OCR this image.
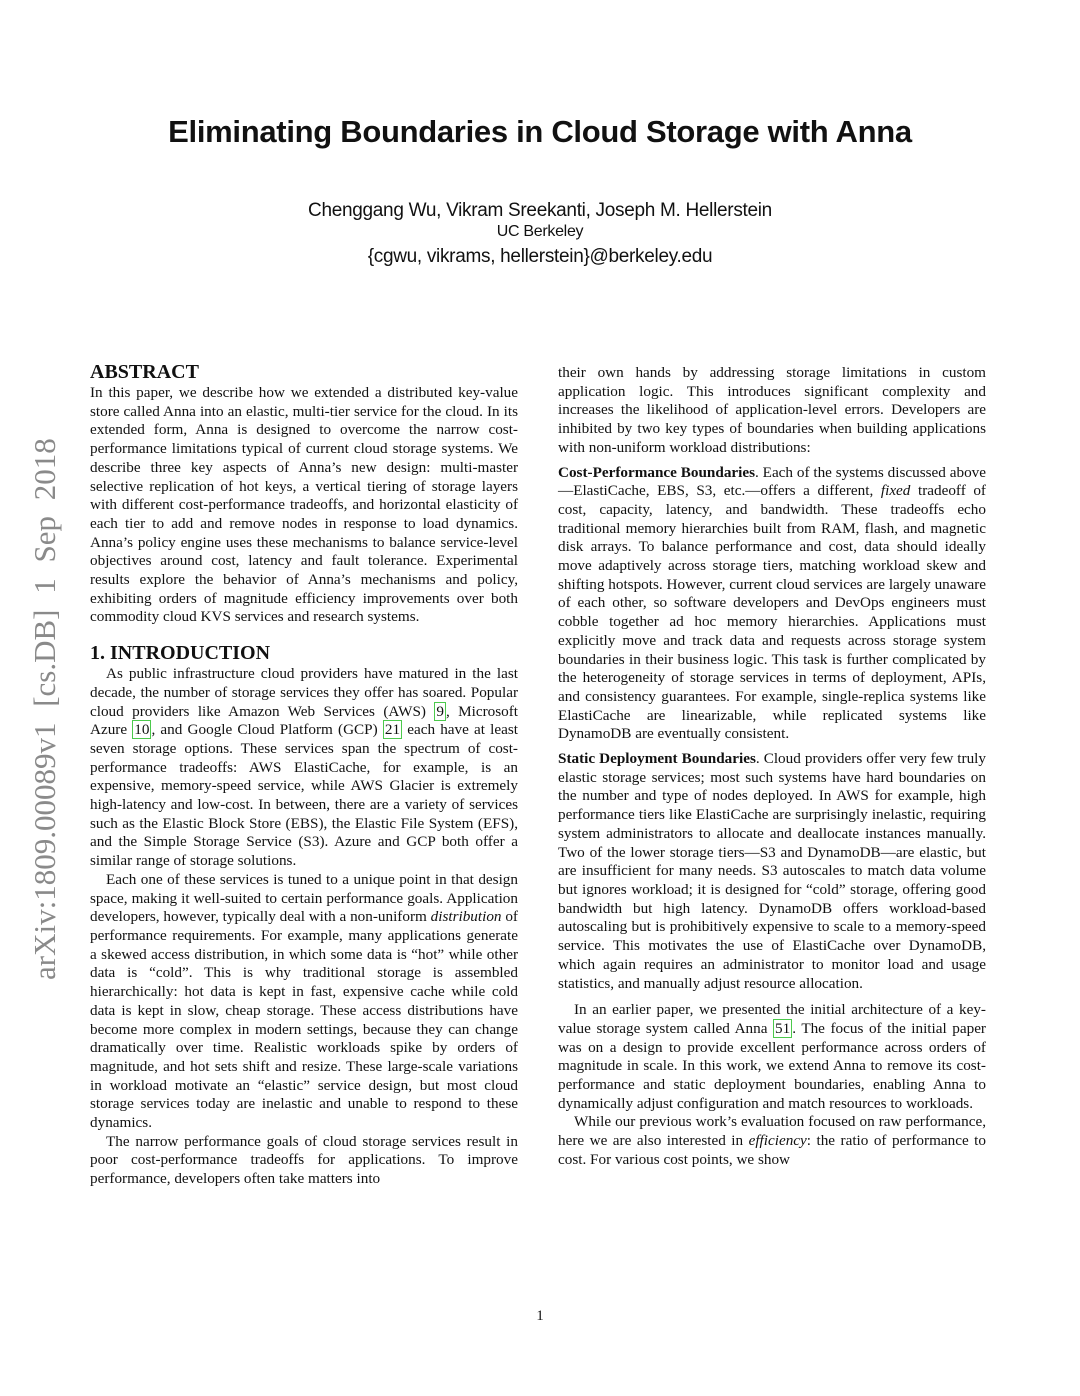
Eliminating Boundaries in Cloud Storage with Anna
Chenggang Wu, Vikram Sreekanti, Joseph M. Hellerstein
UC Berkeley
{cgwu, vikrams, hellerstein}@berkeley.edu
arXiv:1809.00089v1 [cs.DB] 1 Sep 2018
ABSTRACT

In this paper, we describe how we extended a distributed key-value store called Anna into an elastic, multi-tier service for the cloud. In its extended form, Anna is designed to overcome the narrow cost-performance limitations typical of current cloud storage systems. We describe three key aspects of Anna’s new design: multi-master selective replication of hot keys, a vertical tiering of storage layers with different cost-performance tradeoffs, and horizontal elasticity of each tier to add and remove nodes in response to load dynamics. Anna’s policy engine uses these mechanisms to balance service-level objectives around cost, latency and fault tolerance. Experimental results explore the behavior of Anna’s mechanisms and policy, exhibiting orders of magnitude efficiency improvements over both commodity cloud KVS services and research systems.

1. INTRODUCTION

As public infrastructure cloud providers have matured in the last decade, the number of storage services they offer has soared. Popular cloud providers like Amazon Web Services (AWS) 9 , Microsoft Azure 10 , and Google Cloud Platform (GCP) 21 each have at least seven storage options. These services span the spectrum of cost-performance tradeoffs: AWS ElastiCache, for example, is an expensive, memory-speed service, while AWS Glacier is extremely high-latency and low-cost. In between, there are a variety of services such as the Elastic Block Store (EBS), the Elastic File System (EFS), and the Simple Storage Service (S3). Azure and GCP both offer a similar range of storage solutions.

Each one of these services is tuned to a unique point in that design space, making it well-suited to certain performance goals. Application developers, however, typically deal with a non-uniform distribution of performance requirements. For example, many applications generate a skewed access distribution, in which some data is “hot” while other data is “cold”. This is why traditional storage is assembled hierarchically: hot data is kept in fast, expensive cache while cold data is kept in slow, cheap storage. These access distributions have become more complex in modern settings, because they can change dramatically over time. Realistic workloads spike by orders of magnitude, and hot sets shift and resize. These large-scale variations in workload motivate an “elastic” service design, but most cloud storage services today are inelastic and unable to respond to these dynamics.

The narrow performance goals of cloud storage services result in poor cost-performance tradeoffs for applications. To improve performance, developers often take matters into

their own hands by addressing storage limitations in custom application logic. This introduces significant complexity and increases the likelihood of application-level errors. Developers are inhibited by two key types of boundaries when building applications with non-uniform workload distributions:

Cost-Performance Boundaries. Each of the systems discussed above—ElastiCache, EBS, S3, etc.—offers a different, fixed tradeoff of cost, capacity, latency, and bandwidth. These tradeoffs echo traditional memory hierarchies built from RAM, flash, and magnetic disk arrays. To balance performance and cost, data should ideally move adaptively across storage tiers, matching workload skew and shifting hotspots. However, current cloud services are largely unaware of each other, so software developers and DevOps engineers must cobble together ad hoc memory hierarchies. Applications must explicitly move and track data and requests across storage system boundaries in their business logic. This task is further complicated by the heterogeneity of storage services in terms of deployment, APIs, and consistency guarantees. For example, single-replica systems like ElastiCache are linearizable, while replicated systems like DynamoDB are eventually consistent.

Static Deployment Boundaries. Cloud providers offer very few truly elastic storage services; most such systems have hard boundaries on the number and type of nodes deployed. In AWS for example, high performance tiers like ElastiCache are surprisingly inelastic, requiring system administrators to allocate and deallocate instances manually. Two of the lower storage tiers—S3 and DynamoDB—are elastic, but are insufficient for many needs. S3 autoscales to match data volume but ignores workload; it is designed for “cold” storage, offering good bandwidth but high latency. DynamoDB offers workload-based autoscaling but is prohibitively expensive to scale to a memory-speed service. This motivates the use of ElastiCache over DynamoDB, which again requires an administrator to monitor load and usage statistics, and manually adjust resource allocation.

In an earlier paper, we presented the initial architecture of a key-value storage system called Anna 51 . The focus of the initial paper was on a design to provide excellent performance across orders of magnitude in scale. In this work, we extend Anna to remove its cost-performance and static deployment boundaries, enabling Anna to dynamically adjust configuration and match resources to workloads.

While our previous work’s evaluation focused on raw performance, here we are also interested in efficiency: the ratio of performance to cost. For various cost points, we show

1
